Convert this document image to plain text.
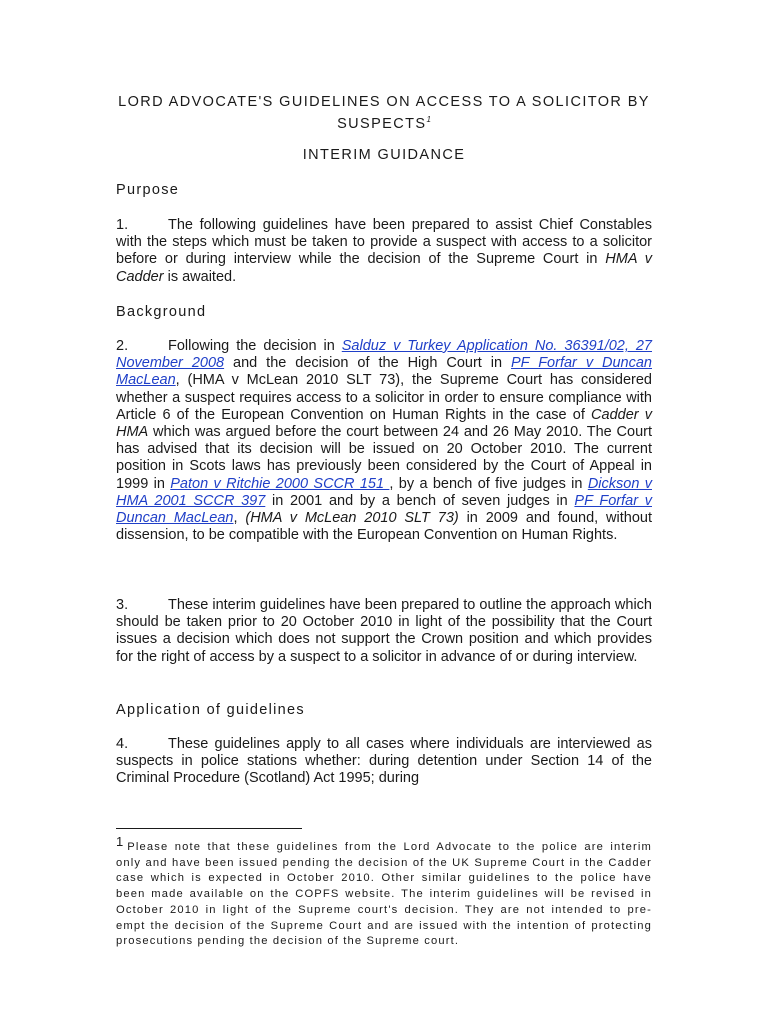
LORD ADVOCATE'S GUIDELINES ON ACCESS TO A SOLICITOR BY
SUSPECTS$^1$
INTERIM GUIDANCE
Purpose
1.	The following guidelines have been prepared to assist Chief Constables with the steps which must be taken to provide a suspect with access to a solicitor before or during interview while the decision of the Supreme Court in HMA v Cadder is awaited.
Background
2.	Following the decision in Salduz v Turkey Application No. 36391/02, 27 November 2008 and the decision of the High Court in PF Forfar v Duncan MacLean, (HMA v McLean 2010 SLT 73), the Supreme Court has considered whether a suspect requires access to a solicitor in order to ensure compliance with Article 6 of the European Convention on Human Rights in the case of Cadder v HMA which was argued before the court between 24 and 26 May 2010. The Court has advised that its decision will be issued on 20 October 2010. The current position in Scots laws has previously been considered by the Court of Appeal in 1999 in Paton v Ritchie 2000 SCCR 151 , by a bench of five judges in Dickson v HMA 2001 SCCR 397 in 2001 and by a bench of seven judges in PF Forfar v Duncan MacLean, (HMA v McLean 2010 SLT 73) in 2009 and found, without dissension, to be compatible with the European Convention on Human Rights.
3.	These interim guidelines have been prepared to outline the approach which should be taken prior to 20 October 2010 in light of the possibility that the Court issues a decision which does not support the Crown position and which provides for the right of access by a suspect to a solicitor in advance of or during interview.
Application of guidelines
4.	These guidelines apply to all cases where individuals are interviewed as suspects in police stations whether: during detention under Section 14 of the Criminal Procedure (Scotland) Act 1995; during
1 Please note that these guidelines from the Lord Advocate to the police are interim only and have been issued pending the decision of the UK Supreme Court in the Cadder case which is expected in October 2010. Other similar guidelines to the police have been made available on the COPFS website. The interim guidelines will be revised in October 2010 in light of the Supreme court's decision. They are not intended to pre-empt the decision of the Supreme Court and are issued with the intention of protecting prosecutions pending the decision of the Supreme court.
